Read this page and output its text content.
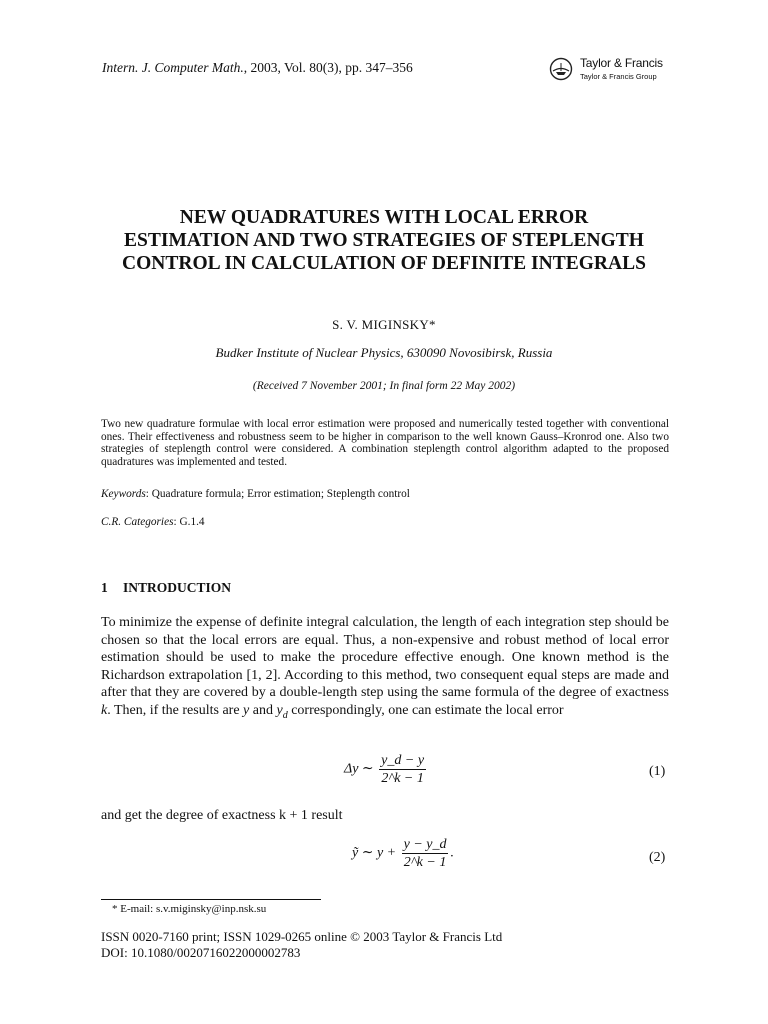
Intern. J. Computer Math., 2003, Vol. 80(3), pp. 347–356	Taylor & Francis
Taylor & Francis Group
NEW QUADRATURES WITH LOCAL ERROR ESTIMATION AND TWO STRATEGIES OF STEPLENGTH CONTROL IN CALCULATION OF DEFINITE INTEGRALS
S. V. MIGINSKY*
Budker Institute of Nuclear Physics, 630090 Novosibirsk, Russia
(Received 7 November 2001; In final form 22 May 2002)
Two new quadrature formulae with local error estimation were proposed and numerically tested together with conventional ones. Their effectiveness and robustness seem to be higher in comparison to the well known Gauss–Kronrod one. Also two strategies of steplength control were considered. A combination steplength control algorithm adapted to the proposed quadratures was implemented and tested.
Keywords: Quadrature formula; Error estimation; Steplength control
C.R. Categories: G.1.4
1 INTRODUCTION
To minimize the expense of definite integral calculation, the length of each integration step should be chosen so that the local errors are equal. Thus, a non-expensive and robust method of local error estimation should be used to make the procedure effective enough. One known method is the Richardson extrapolation [1, 2]. According to this method, two consequent equal steps are made and after that they are covered by a double-length step using the same formula of the degree of exactness k. Then, if the results are y and $y_d$ correspondingly, one can estimate the local error
Δy ∼ $\frac{y\_d - y}{2\^{}k - 1}$	(1)
and get the degree of exactness k + 1 result
ỹ ∼ $y + \frac{y - y\_d}{2\^{}k - 1}$ .	(2)
* E-mail: s.v.miginsky@inp.nsk.su
ISSN 0020-7160 print; ISSN 1029-0265 online © 2003 Taylor & Francis Ltd
DOI: 10.1080/0020716022000002783
